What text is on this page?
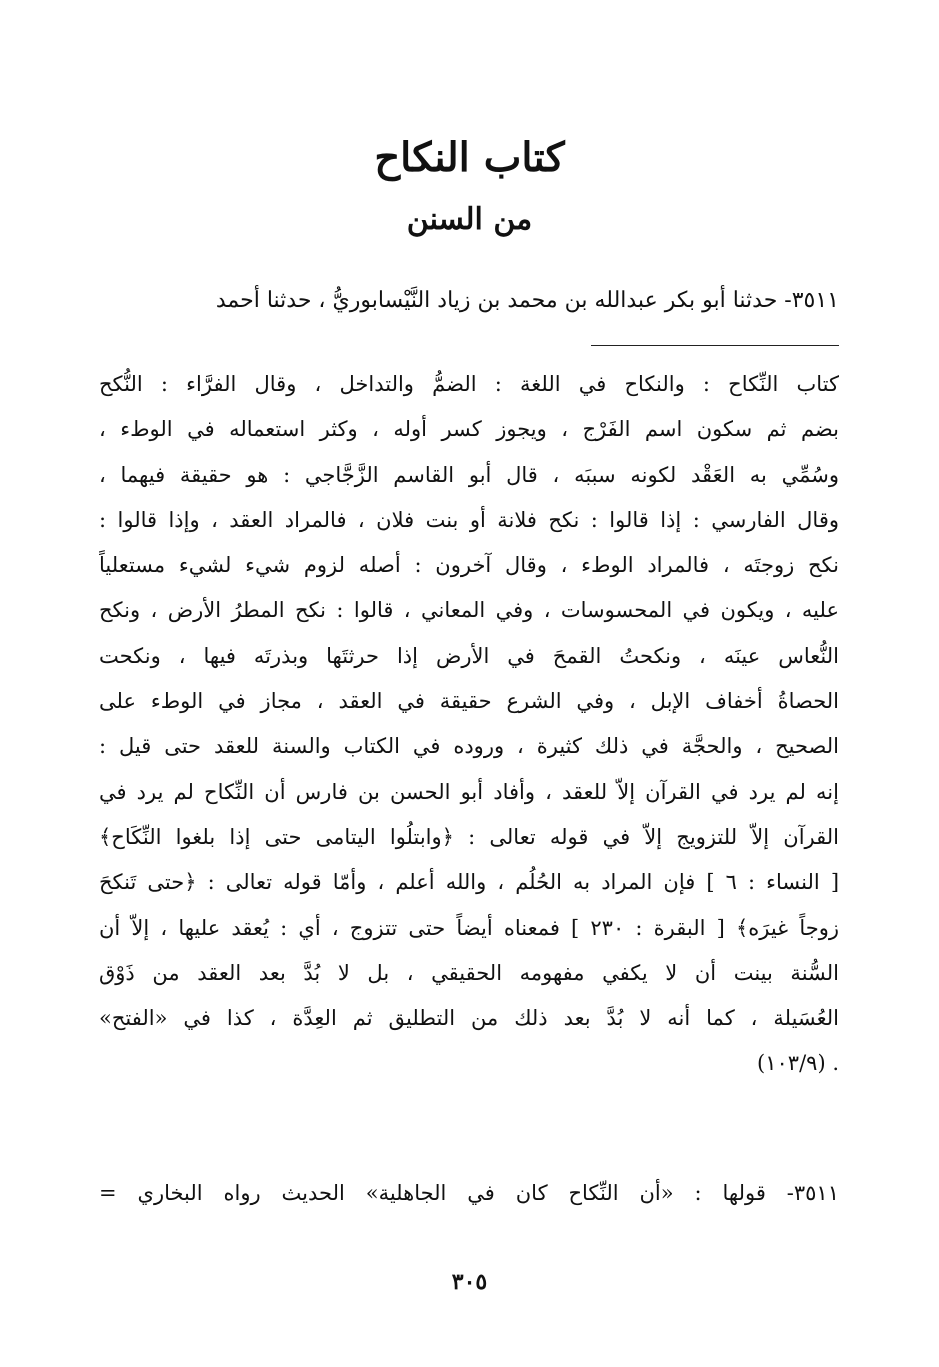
كتاب النكاح
من السنن
٣٥١١- حدثنا أبو بكر عبدالله بن محمد بن زياد النَّيْسابوريُّ ، حدثنا أحمد
كتاب النِّكاح : والنكاح في اللغة : الضمُّ والتداخل ، وقال الفرَّاء : النُّكح
بضم ثم سكون اسم الفَرْج ، ويجوز كسر أوله ، وكثر استعماله في الوطء ،
وسُمِّي به العَقْد لكونه سببَه ، قال أبو القاسم الزَّجَّاجي : هو حقيقة فيهما ،
وقال الفارسي : إذا قالوا : نكح فلانة أو بنت فلان ، فالمراد العقد ، وإذا قالوا :
نكح زوجتَه ، فالمراد الوطء ، وقال آخرون : أصله لزوم شيء لشيء مستعلياً
عليه ، ويكون في المحسوسات ، وفي المعاني ، قالوا : نكح المطرُ الأرض ، ونكح
النُّعاس عينَه ، ونكحتُ القمحَ في الأرض إذا حرثتَها وبذرتَه فيها ، ونكحت
الحصاةُ أخفاف الإبل ، وفي الشرع حقيقة في العقد ، مجاز في الوطء على
الصحيح ، والحجَّة في ذلك كثيرة ، وروده في الكتاب والسنة للعقد حتى قيل :
إنه لم يرد في القرآن إلاّ للعقد ، وأفاد أبو الحسن بن فارس أن النِّكاح لم يرد في
القرآن إلاّ للتزويج إلاّ في قوله تعالى : ﴿وابتلُوا اليتامى حتى إذا بلغوا النِّكَاح﴾
[ النساء : ٦ ] فإن المراد به الحُلُم ، والله أعلم ، وأمّا قوله تعالى : ﴿حتى تَنكحَ
زوجاً غيرَه﴾ [ البقرة : ٢٣٠ ] فمعناه أيضاً حتى تتزوج ، أي : يُعقد عليها ، إلاّ أن
السُّنة بينت أن لا يكفي مفهومه الحقيقي ، بل لا بُدَّ بعد العقد من ذَوْق
العُسَيلة ، كما أنه لا بُدَّ بعد ذلك من التطليق ثم العِدَّة ، كذا في «الفتح»
. (١٠٣/٩)
٣٥١١- قولها : «أن النِّكاح كان في الجاهلية» الحديث رواه البخاري =
٣٠٥
